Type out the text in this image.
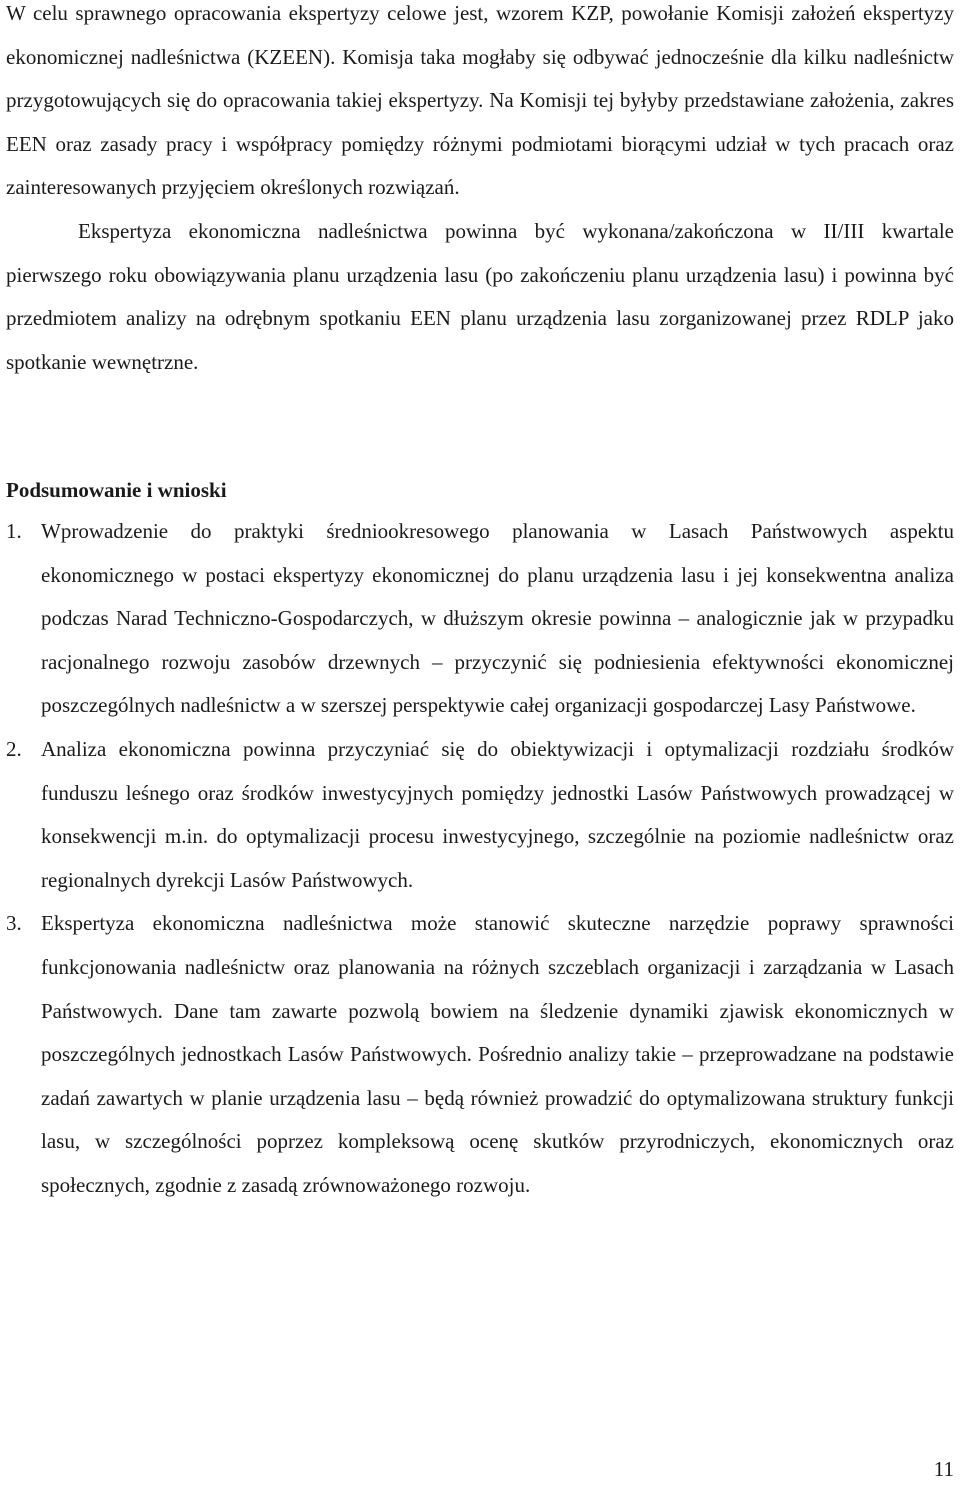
W celu sprawnego opracowania ekspertyzy celowe jest, wzorem KZP, powołanie Komisji założeń ekspertyzy ekonomicznej nadleśnictwa (KZEEN). Komisja taka mogłaby się odbywać jednocześnie dla kilku nadleśnictw przygotowujących się do opracowania takiej ekspertyzy. Na Komisji tej byłyby przedstawiane założenia, zakres EEN oraz zasady pracy i współpracy pomiędzy różnymi podmiotami biorącymi udział w tych pracach oraz zainteresowanych przyjęciem określonych rozwiązań.

Ekspertyza ekonomiczna nadleśnictwa powinna być wykonana/zakończona w II/III kwartale pierwszego roku obowiązywania planu urządzenia lasu (po zakończeniu planu urządzenia lasu) i powinna być przedmiotem analizy na odrębnym spotkaniu EEN planu urządzenia lasu zorganizowanej przez RDLP jako spotkanie wewnętrzne.

Podsumowanie i wnioski
1. Wprowadzenie do praktyki średniookresowego planowania w Lasach Państwowych aspektu ekonomicznego w postaci ekspertyzy ekonomicznej do planu urządzenia lasu i jej konsekwentna analiza podczas Narad Techniczno-Gospodarczych, w dłuższym okresie powinna – analogicznie jak w przypadku racjonalnego rozwoju zasobów drzewnych – przyczynić się podniesienia efektywności ekonomicznej poszczególnych nadleśnictw a w szerszej perspektywie całej organizacji gospodarczej Lasy Państwowe.
2. Analiza ekonomiczna powinna przyczyniać się do obiektywizacji i optymalizacji rozdziału środków funduszu leśnego oraz środków inwestycyjnych pomiędzy jednostki Lasów Państwowych prowadzącej w konsekwencji m.in. do optymalizacji procesu inwestycyjnego, szczególnie na poziomie nadleśnictw oraz regionalnych dyrekcji Lasów Państwowych.
3. Ekspertyza ekonomiczna nadleśnictwa może stanowić skuteczne narzędzie poprawy sprawności funkcjonowania nadleśnictw oraz planowania na różnych szczeblach organizacji i zarządzania w Lasach Państwowych. Dane tam zawarte pozwolą bowiem na śledzenie dynamiki zjawisk ekonomicznych w poszczególnych jednostkach Lasów Państwowych. Pośrednio analizy takie – przeprowadzane na podstawie zadań zawartych w planie urządzenia lasu – będą również prowadzić do optymalizowana struktury funkcji lasu, w szczególności poprzez kompleksową ocenę skutków przyrodniczych, ekonomicznych oraz społecznych, zgodnie z zasadą zrównoważonego rozwoju.
11
